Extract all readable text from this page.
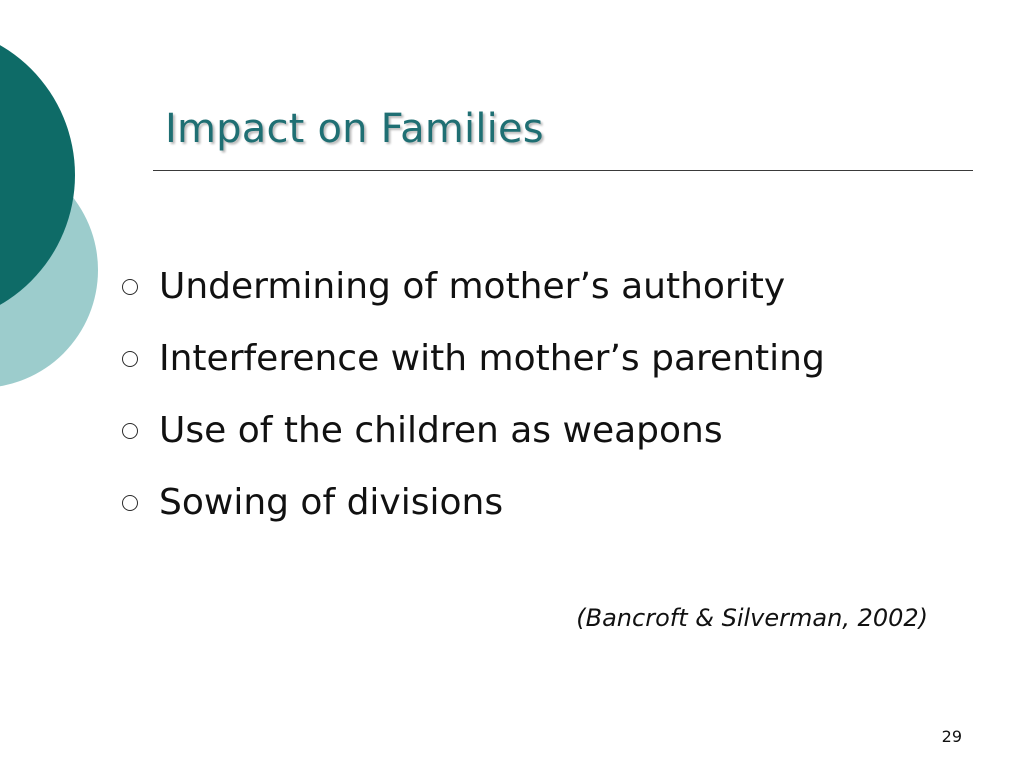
Impact on Families
Undermining of mother’s authority
Interference with mother’s parenting
Use of the children as weapons
Sowing of divisions
(Bancroft & Silverman, 2002)
29
